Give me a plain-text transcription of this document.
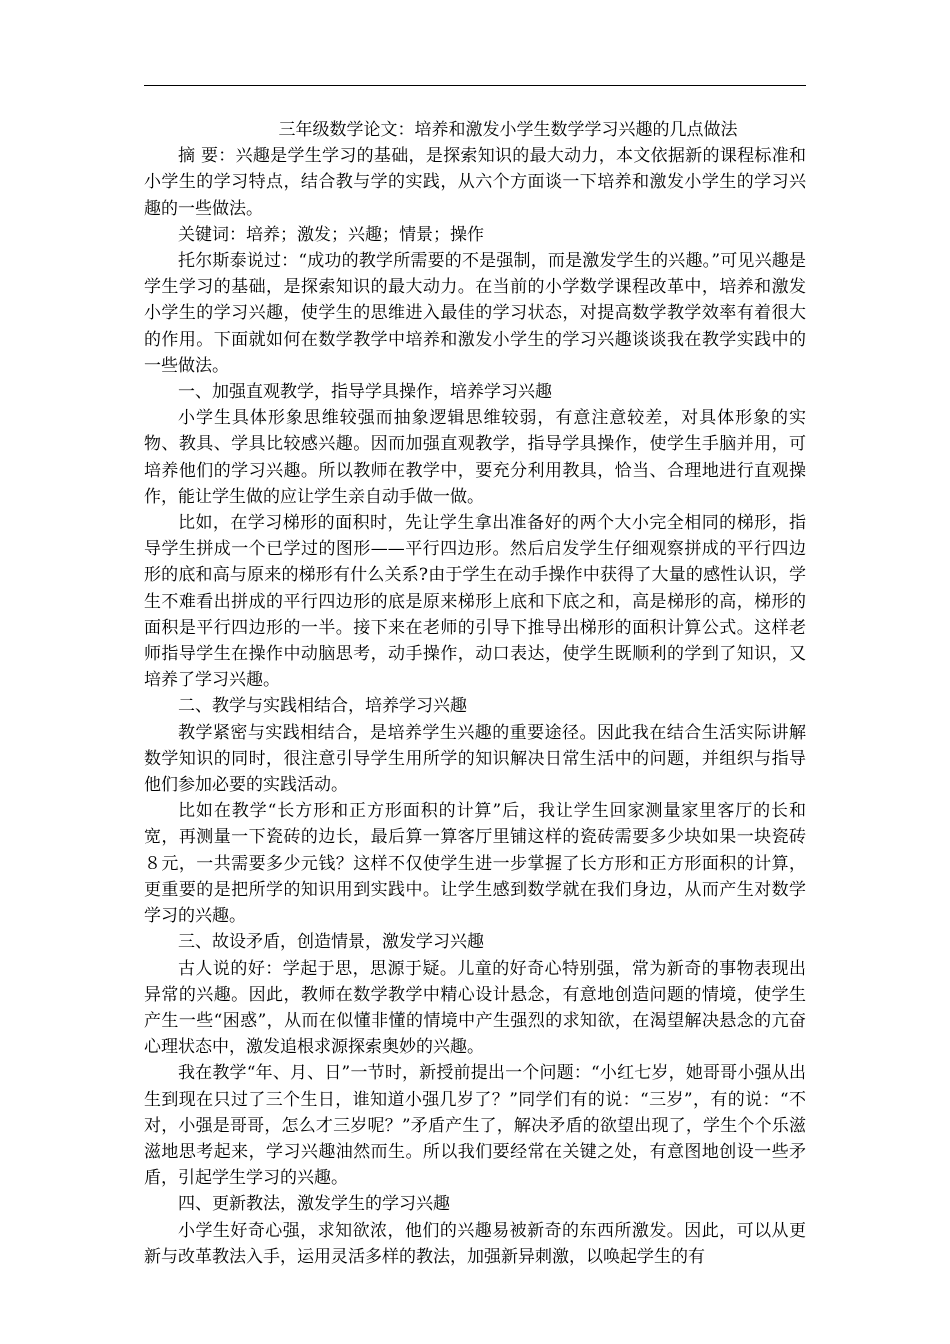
三年级数学论文：培养和激发小学生数学学习兴趣的几点做法

摘 要：兴趣是学生学习的基础，是探索知识的最大动力，本文依据新的课程标准和小学生的学习特点，结合教与学的实践，从六个方面谈一下培养和激发小学生的学习兴趣的一些做法。

关键词：培养；激发；兴趣；情景；操作

托尔斯泰说过：“成功的教学所需要的不是强制，而是激发学生的兴趣。”可见兴趣是学生学习的基础，是探索知识的最大动力。在当前的小学数学课程改革中，培养和激发小学生的学习兴趣，使学生的思维进入最佳的学习状态，对提高数学教学效率有着很大的作用。下面就如何在数学教学中培养和激发小学生的学习兴趣谈谈我在教学实践中的一些做法。

一、加强直观教学，指导学具操作，培养学习兴趣

小学生具体形象思维较强而抽象逻辑思维较弱，有意注意较差，对具体形象的实物、教具、学具比较感兴趣。因而加强直观教学，指导学具操作，使学生手脑并用，可培养他们的学习兴趣。所以教师在教学中，要充分利用教具，恰当、合理地进行直观操作，能让学生做的应让学生亲自动手做一做。

比如，在学习梯形的面积时，先让学生拿出准备好的两个大小完全相同的梯形，指导学生拼成一个已学过的图形——平行四边形。然后启发学生仔细观察拼成的平行四边形的底和高与原来的梯形有什么关系?由于学生在动手操作中获得了大量的感性认识，学生不难看出拼成的平行四边形的底是原来梯形上底和下底之和，高是梯形的高，梯形的面积是平行四边形的一半。接下来在老师的引导下推导出梯形的面积计算公式。这样老师指导学生在操作中动脑思考，动手操作，动口表达，使学生既顺利的学到了知识，又培养了学习兴趣。

二、教学与实践相结合，培养学习兴趣

教学紧密与实践相结合，是培养学生兴趣的重要途径。因此我在结合生活实际讲解数学知识的同时，很注意引导学生用所学的知识解决日常生活中的问题，并组织与指导他们参加必要的实践活动。

比如在教学“长方形和正方形面积的计算”后，我让学生回家测量家里客厅的长和宽，再测量一下瓷砖的边长，最后算一算客厅里铺这样的瓷砖需要多少块如果一块瓷砖８元，一共需要多少元钱？这样不仅使学生进一步掌握了长方形和正方形面积的计算，更重要的是把所学的知识用到实践中。让学生感到数学就在我们身边，从而产生对数学学习的兴趣。

三、故设矛盾，创造情景，激发学习兴趣

古人说的好：学起于思，思源于疑。儿童的好奇心特别强，常为新奇的事物表现出异常的兴趣。因此，教师在数学教学中精心设计悬念，有意地创造问题的情境，使学生产生一些“困惑”，从而在似懂非懂的情境中产生强烈的求知欲，在渴望解决悬念的亢奋心理状态中，激发追根求源探索奥妙的兴趣。

我在教学“年、月、日”一节时，新授前提出一个问题：“小红七岁，她哥哥小强从出生到现在只过了三个生日，谁知道小强几岁了？”同学们有的说：“三岁”，有的说：“不对，小强是哥哥，怎么才三岁呢？”矛盾产生了，解决矛盾的欲望出现了，学生个个乐滋滋地思考起来，学习兴趣油然而生。所以我们要经常在关键之处，有意图地创设一些矛盾，引起学生学习的兴趣。

四、更新教法，激发学生的学习兴趣

小学生好奇心强，求知欲浓，他们的兴趣易被新奇的东西所激发。因此，可以从更新与改革教法入手，运用灵活多样的教法，加强新异刺激，以唤起学生的有
